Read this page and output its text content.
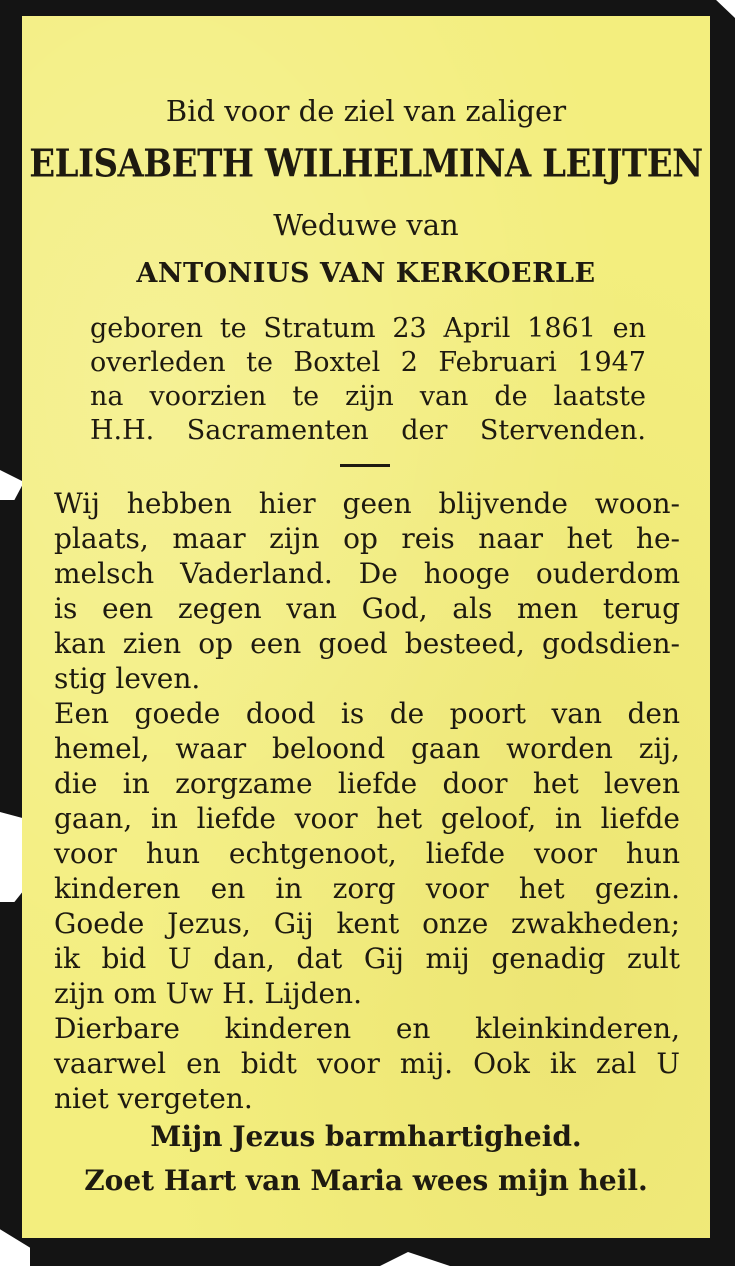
Bid voor de ziel van zaliger
ELISABETH WILHELMINA LEIJTEN
Weduwe van
ANTONIUS VAN KERKOERLE
geboren te Stratum 23 April 1861 en
overleden te Boxtel 2 Februari 1947
na voorzien te zijn van de laatste
H.H. Sacramenten der Stervenden.
Wij hebben hier geen blijvende woon-
plaats, maar zijn op reis naar het he-
melsch Vaderland. De hooge ouderdom
is een zegen van God, als men terug
kan zien op een goed besteed, godsdien-
stig leven.
Een goede dood is de poort van den
hemel, waar beloond gaan worden zij,
die in zorgzame liefde door het leven
gaan, in liefde voor het geloof, in liefde
voor hun echtgenoot, liefde voor hun
kinderen en in zorg voor het gezin.
Goede Jezus, Gij kent onze zwakheden;
ik bid U dan, dat Gij mij genadig zult
zijn om Uw H. Lijden.
Dierbare kinderen en kleinkinderen,
vaarwel en bidt voor mij. Ook ik zal U
niet vergeten.
Mijn Jezus barmhartigheid.
Zoet Hart van Maria wees mijn heil.
